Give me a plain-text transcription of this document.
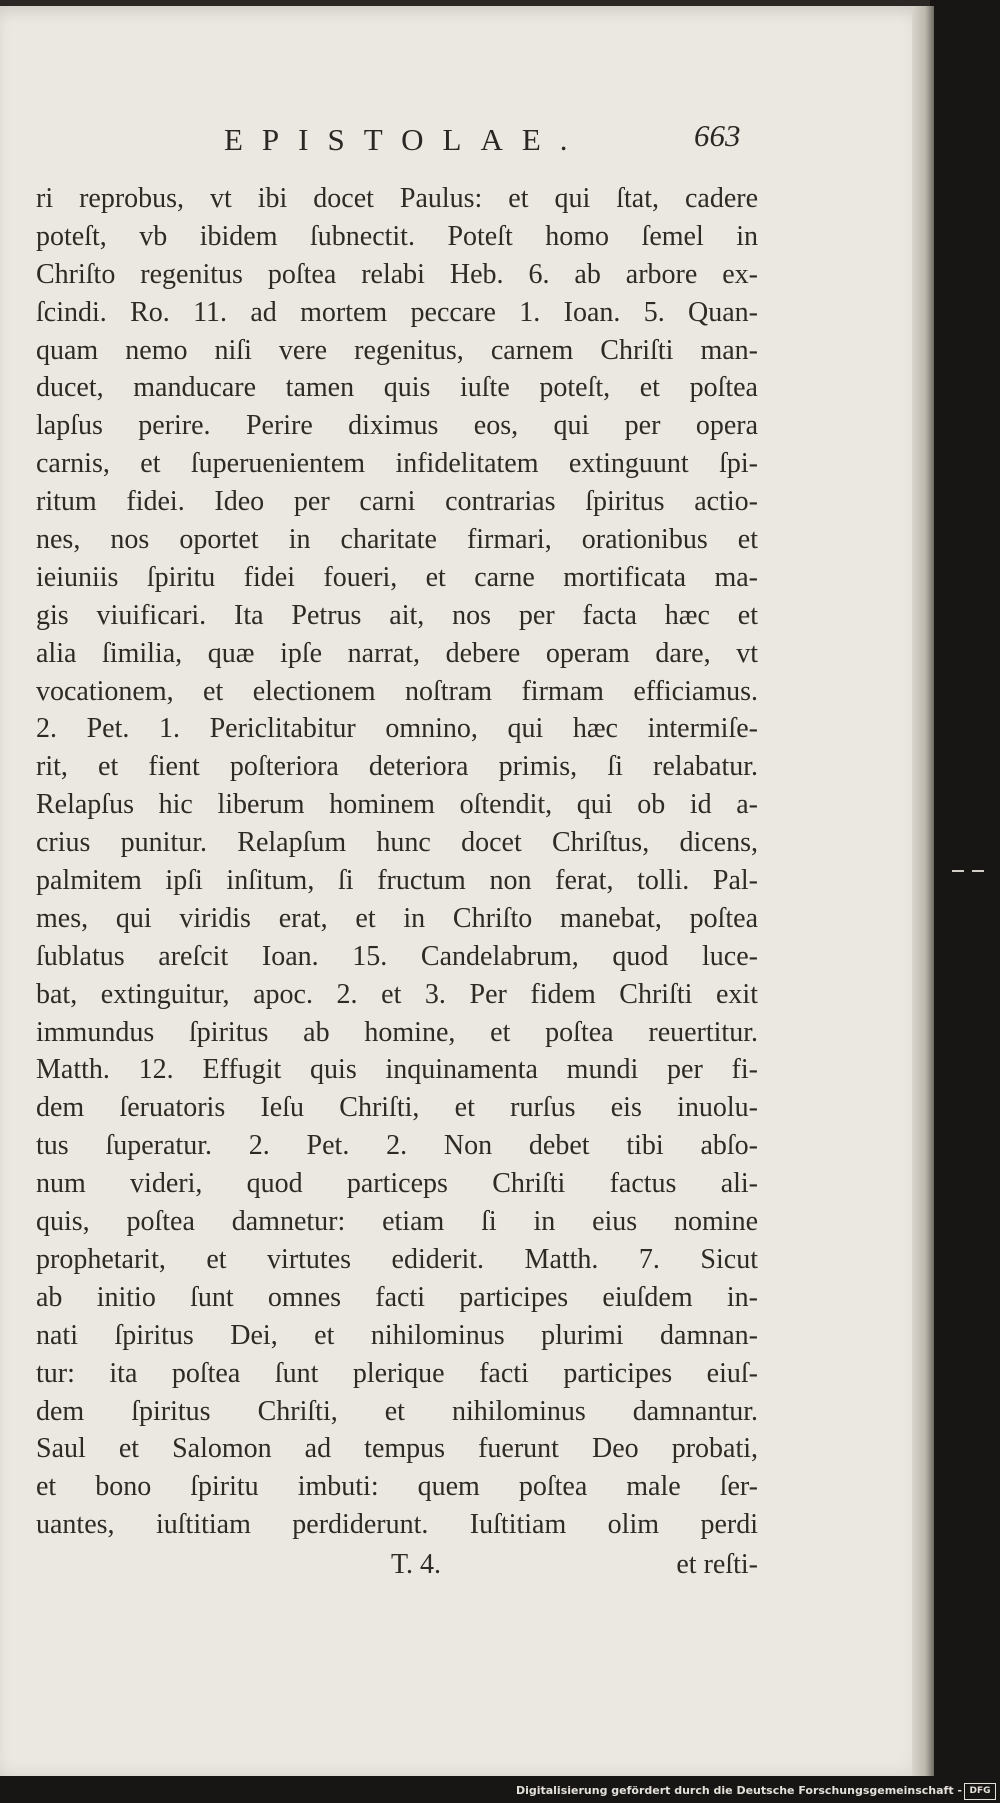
EPISTOLAE.	663
ri reprobus, vt ibi docet Paulus: et qui ſtat, cadere
poteſt, vb ibidem ſubnectit. Poteſt homo ſemel in
Chriſto regenitus poſtea relabi Heb. 6. ab arbore ex-
ſcindi. Ro. 11. ad mortem peccare 1. Ioan. 5. Quan-
quam nemo niſi vere regenitus, carnem Chriſti man-
ducet, manducare tamen quis iuſte poteſt, et poſtea
lapſus perire. Perire diximus eos, qui per opera
carnis, et ſuperuenientem infidelitatem extinguunt ſpi-
ritum fidei. Ideo per carni contrarias ſpiritus actio-
nes, nos oportet in charitate firmari, orationibus et
ieiuniis ſpiritu fidei foueri, et carne mortificata ma-
gis viuificari. Ita Petrus ait, nos per facta hæc et
alia ſimilia, quæ ipſe narrat, debere operam dare, vt
vocationem, et electionem noſtram firmam efficiamus.
2. Pet. 1. Periclitabitur omnino, qui hæc intermiſe-
rit, et fient poſteriora deteriora primis, ſi relabatur.
Relapſus hic liberum hominem oſtendit, qui ob id a-
crius punitur. Relapſum hunc docet Chriſtus, dicens,
palmitem ipſi inſitum, ſi fructum non ferat, tolli. Pal-
mes, qui viridis erat, et in Chriſto manebat, poſtea
ſublatus areſcit Ioan. 15. Candelabrum, quod luce-
bat, extinguitur, apoc. 2. et 3. Per fidem Chriſti exit
immundus ſpiritus ab homine, et poſtea reuertitur.
Matth. 12. Effugit quis inquinamenta mundi per fi-
dem ſeruatoris Ieſu Chriſti, et rurſus eis inuolu-
tus ſuperatur. 2. Pet. 2. Non debet tibi abſo-
num videri, quod particeps Chriſti factus ali-
quis, poſtea damnetur: etiam ſi in eius nomine
prophetarit, et virtutes ediderit. Matth. 7. Sicut
ab initio ſunt omnes facti participes eiuſdem in-
nati ſpiritus Dei, et nihilominus plurimi damnan-
tur: ita poſtea ſunt plerique facti participes eiuſ-
dem ſpiritus Chriſti, et nihilominus damnantur.
Saul et Salomon ad tempus fuerunt Deo probati,
et bono ſpiritu imbuti: quem poſtea male ſer-
uantes, iuſtitiam perdiderunt. Iuſtitiam olim perdi
T. 4.	et reſti-
Digitalisierung gefördert durch die Deutsche Forschungsgemeinschaft - DFG
